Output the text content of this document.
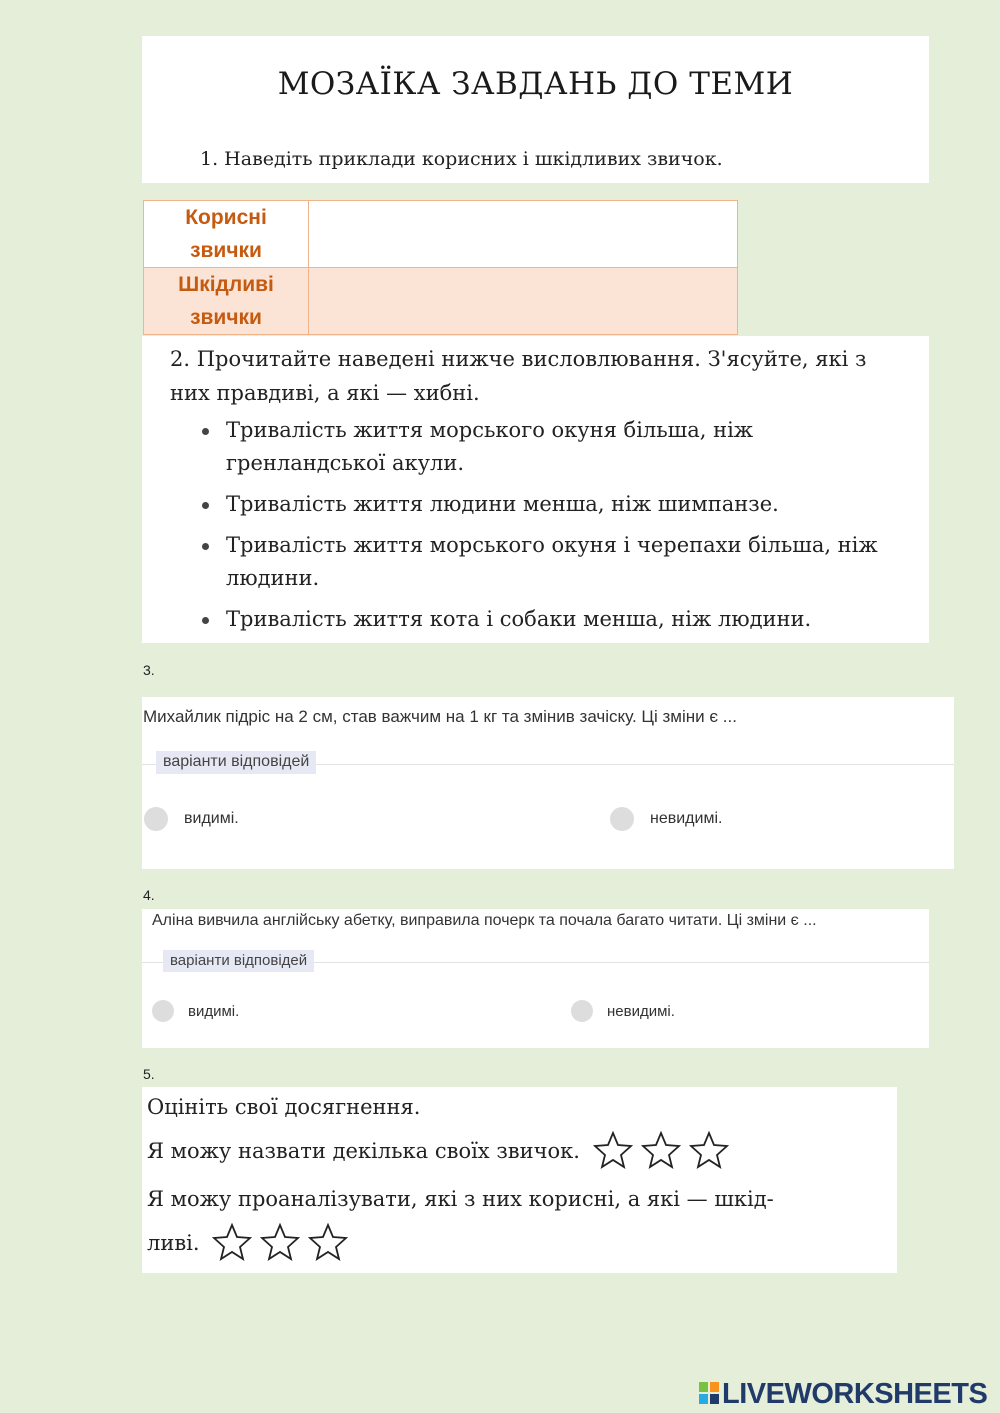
МОЗАЇКА ЗАВДАНЬ ДО ТЕМИ
1. Наведіть приклади корисних і шкідливих звичок.
Корисні
звички	
Шкідливі
звички	
2. Прочитайте наведені нижче висловлювання. З'ясуйте, які з них правдиві, а які — хибні.
Тривалість життя морського окуня більша, ніж гренландської акули.
Тривалість життя людини менша, ніж шимпанзе.
Тривалість життя морського окуня і черепахи більша, ніж людини.
Тривалість життя кота і собаки менша, ніж людини.
3.
Михайлик підріс на 2 см, став важчим на 1 кг та змінив зачіску. Ці зміни є ...
варіанти відповідей
видимі.	невидимі.
4.
Аліна вивчила англійську абетку, виправила почерк та почала багато читати. Ці зміни є ...
варіанти відповідей
видимі.	невидимі.
5.
Оцініть свої досягнення.
Я можу назвати декілька своїх звичок.
Я можу проаналізувати, які з них корисні, а які — шкід-
ливі.
LIVEWORKSHEETS
